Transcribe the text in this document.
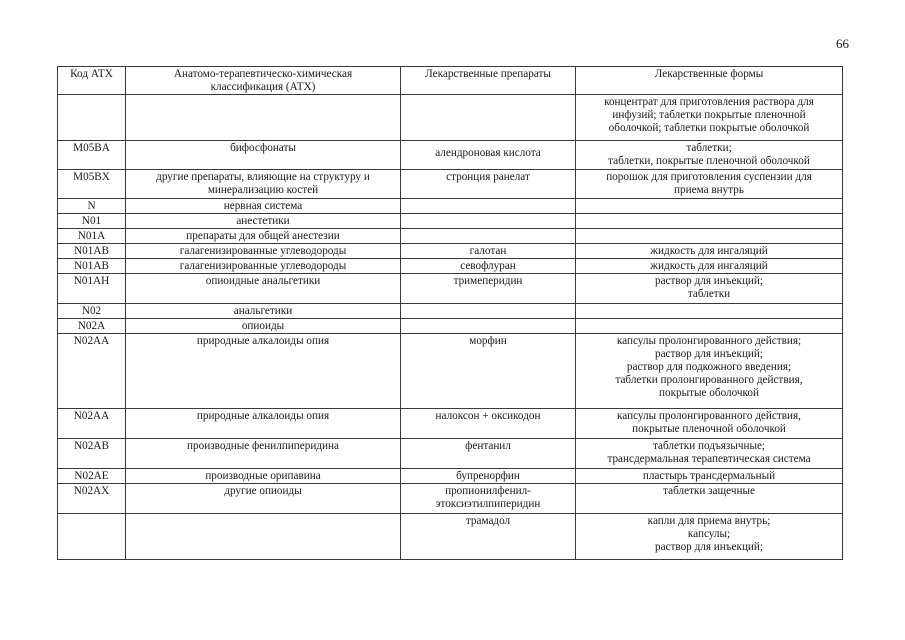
66
Код АТХ	Анатомо-терапевтическо-химическая классификация (АТХ)	Лекарственные препараты	Лекарственные формы

			концентрат для приготовления раствора для
инфузий; таблетки покрытые пленочной
оболочкой; таблетки покрытые оболочкой

M05BA	бифосфонаты	алендроновая кислота	таблетки;
таблетки, покрытые пленочной оболочкой

M05BX	другие препараты, влияющие на структуру и минерализацию костей	стронция ранелат	порошок для приготовления суспензии для
приема внутрь

N	нервная система		
N01	анестетики		
N01A	препараты для общей анестезии		
N01AB	галагенизированные углеводороды	галотан	жидкость для ингаляций

N01AB	галагенизированные углеводороды	севофлуран	жидкость для ингаляций

N01AH	опиоидные анальгетики	тримеперидин	раствор для инъекций;
таблетки

N02	анальгетики		
N02A	опиоиды		
N02AA	природные алкалоиды опия	морфин	капсулы пролонгированного действия;
раствор для инъекций;
раствор для подкожного введения;
таблетки пролонгированного действия,
покрытые оболочкой

N02AA	природные алкалоиды опия	налоксон + оксикодон	капсулы пролонгированного действия,
покрытые пленочной оболочкой

N02AB	производные фенилпиперидина	фентанил	таблетки подъязычные;
трансдермальная терапевтическая система

N02AE	производные орипавина	бупренорфин	пластырь трансдермальный

N02AX	другие опиоиды	пропионилфенил-этоксиэтилпиперидин	таблетки защечные

		трамадол	капли для приема внутрь;
капсулы;
раствор для инъекций;
